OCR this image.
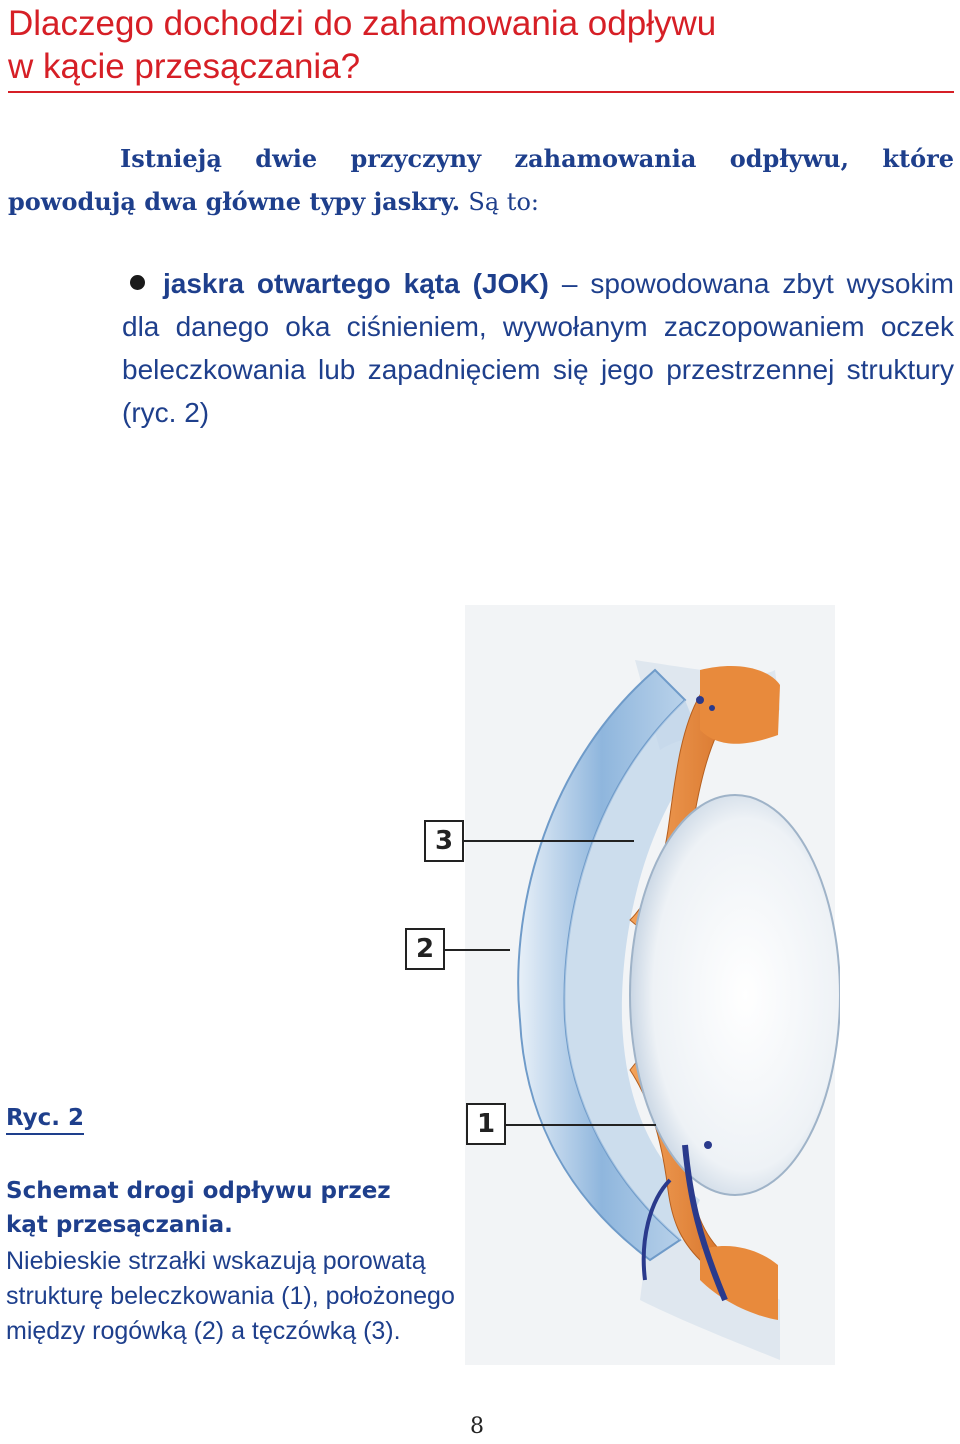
Dlaczego dochodzi do zahamowania odpływu
w kącie przesączania?

Istnieją dwie przyczyny zahamowania odpływu, które powodują dwa główne typy jaskry. Są to:

jaskra otwartego kąta (JOK) – spowodowana zbyt wysokim dla danego oka ciśnieniem, wywołanym zaczopowaniem oczek beleczkowania lub zapadnięciem się jego przestrzennej struktury (ryc. 2)

3
2
1

Ryc. 2

Schemat drogi odpływu przez kąt przesączania.

Niebieskie strzałki wskazują porowatą strukturę beleczkowania (1), położonego między rogówką (2) a tęczówką (3).

8
